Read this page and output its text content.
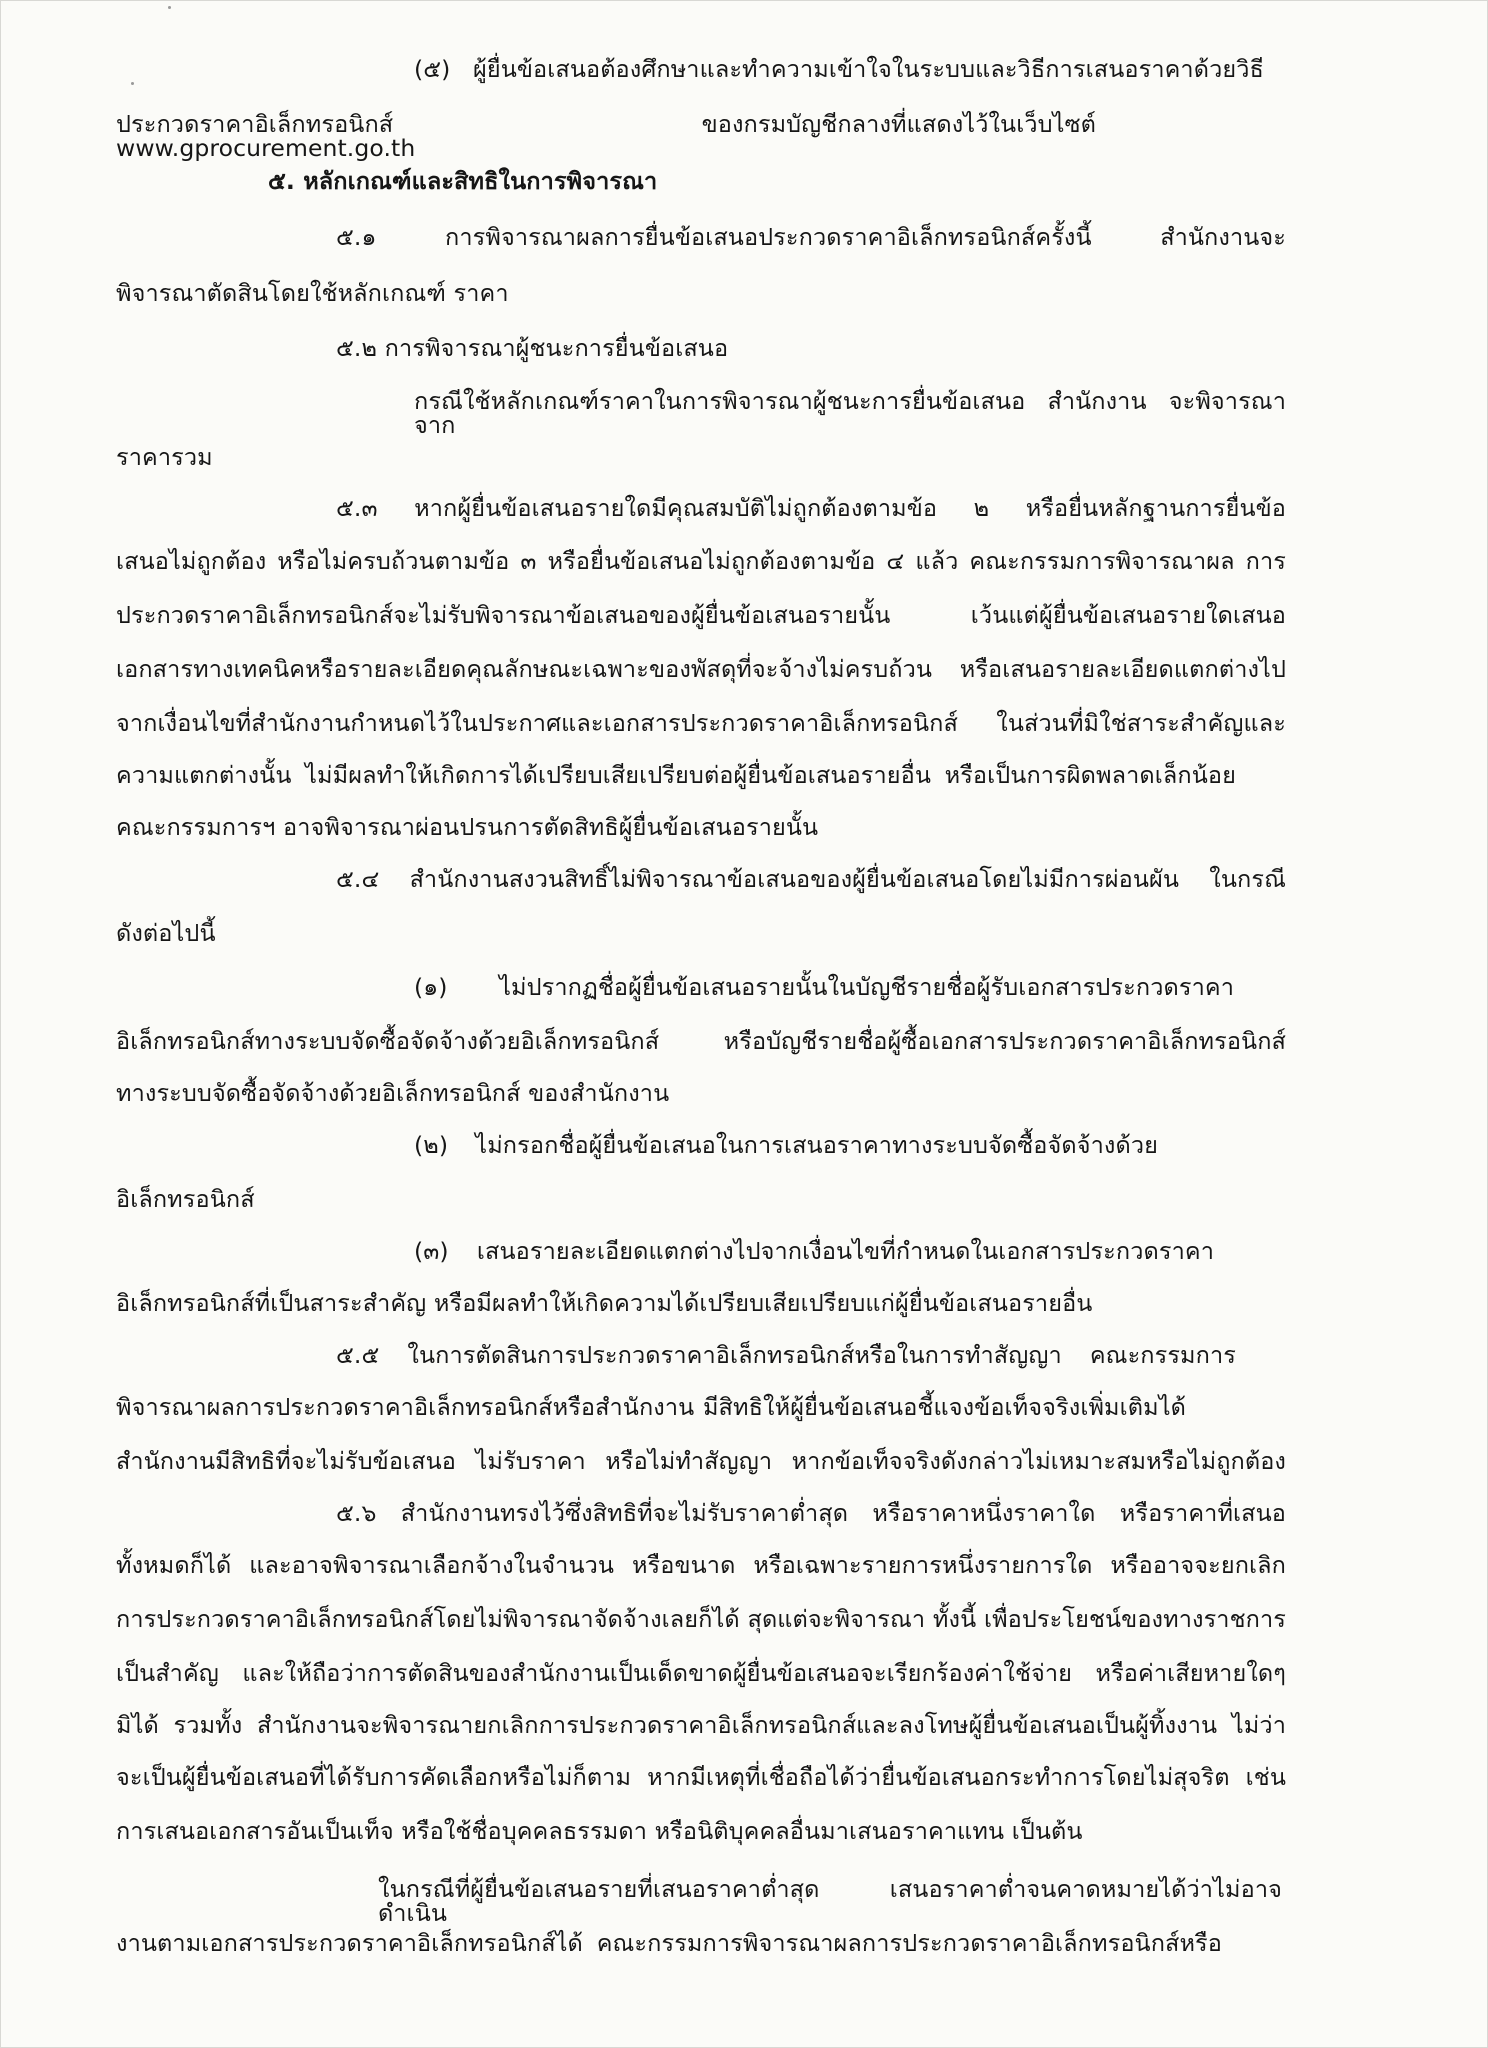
(๕) ผู้ยื่นข้อเสนอต้องศึกษาและทำความเข้าใจในระบบและวิธีการเสนอราคาด้วยวิธี

ประกวดราคาอิเล็กทรอนิกส์ ของกรมบัญชีกลางที่แสดงไว้ในเว็บไซต์ www.gprocurement.go.th

๕. หลักเกณฑ์และสิทธิในการพิจารณา

๕.๑ การพิจารณาผลการยื่นข้อเสนอประกวดราคาอิเล็กทรอนิกส์ครั้งนี้ สำนักงานจะ

พิจารณาตัดสินโดยใช้หลักเกณฑ์ ราคา

๕.๒ การพิจารณาผู้ชนะการยื่นข้อเสนอ

กรณีใช้หลักเกณฑ์ราคาในการพิจารณาผู้ชนะการยื่นข้อเสนอ สำนักงาน จะพิจารณาจาก

ราคารวม

๕.๓ หากผู้ยื่นข้อเสนอรายใดมีคุณสมบัติไม่ถูกต้องตามข้อ ๒ หรือยื่นหลักฐานการยื่นข้อ

เสนอไม่ถูกต้อง หรือไม่ครบถ้วนตามข้อ ๓ หรือยื่นข้อเสนอไม่ถูกต้องตามข้อ ๔ แล้ว คณะกรรมการพิจารณาผล การ

ประกวดราคาอิเล็กทรอนิกส์จะไม่รับพิจารณาข้อเสนอของผู้ยื่นข้อเสนอรายนั้น เว้นแต่ผู้ยื่นข้อเสนอรายใดเสนอ

เอกสารทางเทคนิคหรือรายละเอียดคุณลักษณะเฉพาะของพัสดุที่จะจ้างไม่ครบถ้วน หรือเสนอรายละเอียดแตกต่างไป

จากเงื่อนไขที่สำนักงานกำหนดไว้ในประกาศและเอกสารประกวดราคาอิเล็กทรอนิกส์ ในส่วนที่มิใช่สาระสำคัญและ

ความแตกต่างนั้น ไม่มีผลทำให้เกิดการได้เปรียบเสียเปรียบต่อผู้ยื่นข้อเสนอรายอื่น หรือเป็นการผิดพลาดเล็กน้อย

คณะกรรมการฯ อาจพิจารณาผ่อนปรนการตัดสิทธิผู้ยื่นข้อเสนอรายนั้น

๕.๔ สำนักงานสงวนสิทธิ์ไม่พิจารณาข้อเสนอของผู้ยื่นข้อเสนอโดยไม่มีการผ่อนผัน ในกรณี

ดังต่อไปนี้

(๑) ไม่ปรากฏชื่อผู้ยื่นข้อเสนอรายนั้นในบัญชีรายชื่อผู้รับเอกสารประกวดราคา

อิเล็กทรอนิกส์ทางระบบจัดซื้อจัดจ้างด้วยอิเล็กทรอนิกส์ หรือบัญชีรายชื่อผู้ซื้อเอกสารประกวดราคาอิเล็กทรอนิกส์

ทางระบบจัดซื้อจัดจ้างด้วยอิเล็กทรอนิกส์ ของสำนักงาน

(๒) ไม่กรอกชื่อผู้ยื่นข้อเสนอในการเสนอราคาทางระบบจัดซื้อจัดจ้างด้วย

อิเล็กทรอนิกส์

(๓) เสนอรายละเอียดแตกต่างไปจากเงื่อนไขที่กำหนดในเอกสารประกวดราคา

อิเล็กทรอนิกส์ที่เป็นสาระสำคัญ หรือมีผลทำให้เกิดความได้เปรียบเสียเปรียบแก่ผู้ยื่นข้อเสนอรายอื่น

๕.๕ ในการตัดสินการประกวดราคาอิเล็กทรอนิกส์หรือในการทำสัญญา คณะกรรมการ

พิจารณาผลการประกวดราคาอิเล็กทรอนิกส์หรือสำนักงาน มีสิทธิให้ผู้ยื่นข้อเสนอชี้แจงข้อเท็จจริงเพิ่มเติมได้

สำนักงานมีสิทธิที่จะไม่รับข้อเสนอ ไม่รับราคา หรือไม่ทำสัญญา หากข้อเท็จจริงดังกล่าวไม่เหมาะสมหรือไม่ถูกต้อง

๕.๖ สำนักงานทรงไว้ซึ่งสิทธิที่จะไม่รับราคาต่ำสุด หรือราคาหนึ่งราคาใด หรือราคาที่เสนอ

ทั้งหมดก็ได้ และอาจพิจารณาเลือกจ้างในจำนวน หรือขนาด หรือเฉพาะรายการหนึ่งรายการใด หรืออาจจะยกเลิก

การประกวดราคาอิเล็กทรอนิกส์โดยไม่พิจารณาจัดจ้างเลยก็ได้ สุดแต่จะพิจารณา ทั้งนี้ เพื่อประโยชน์ของทางราชการ

เป็นสำคัญ และให้ถือว่าการตัดสินของสำนักงานเป็นเด็ดขาดผู้ยื่นข้อเสนอจะเรียกร้องค่าใช้จ่าย หรือค่าเสียหายใดๆ

มิได้ รวมทั้ง สำนักงานจะพิจารณายกเลิกการประกวดราคาอิเล็กทรอนิกส์และลงโทษผู้ยื่นข้อเสนอเป็นผู้ทิ้งงาน ไม่ว่า

จะเป็นผู้ยื่นข้อเสนอที่ได้รับการคัดเลือกหรือไม่ก็ตาม หากมีเหตุที่เชื่อถือได้ว่ายื่นข้อเสนอกระทำการโดยไม่สุจริต เช่น

การเสนอเอกสารอันเป็นเท็จ หรือใช้ชื่อบุคคลธรรมดา หรือนิติบุคคลอื่นมาเสนอราคาแทน เป็นต้น

ในกรณีที่ผู้ยื่นข้อเสนอรายที่เสนอราคาต่ำสุด เสนอราคาต่ำจนคาดหมายได้ว่าไม่อาจดำเนิน

งานตามเอกสารประกวดราคาอิเล็กทรอนิกส์ได้ คณะกรรมการพิจารณาผลการประกวดราคาอิเล็กทรอนิกส์หรือ
